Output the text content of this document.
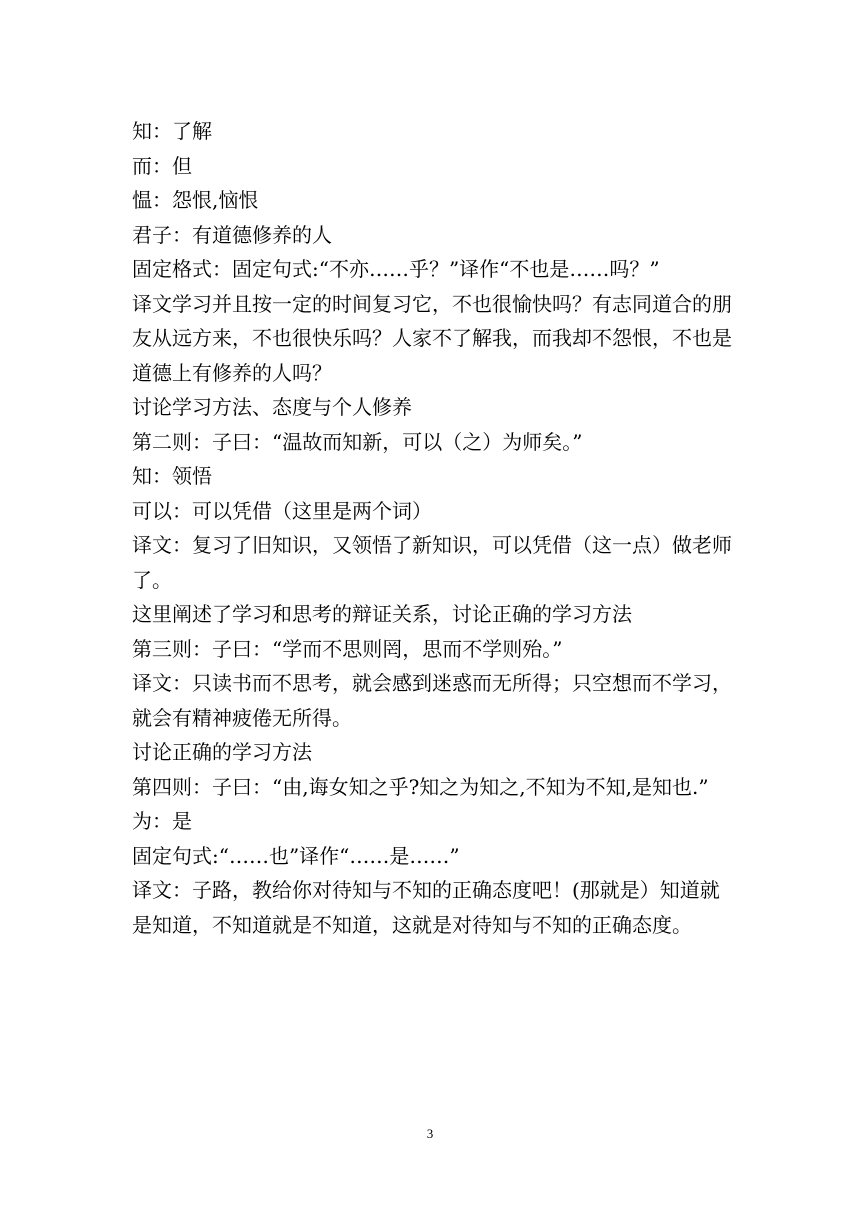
知：了解
而：但
愠：怨恨,恼恨
君子：有道德修养的人
固定格式：固定句式:“不亦……乎？”译作“不也是……吗？”
译文学习并且按一定的时间复习它，不也很愉快吗？有志同道合的朋
友从远方来，不也很快乐吗？人家不了解我，而我却不怨恨，不也是
道德上有修养的人吗？
讨论学习方法、态度与个人修养
第二则：子曰：“温故而知新，可以（之）为师矣。”
知：领悟
可以：可以凭借（这里是两个词）
译文：复习了旧知识，又领悟了新知识，可以凭借（这一点）做老师
了。
这里阐述了学习和思考的辩证关系，讨论正确的学习方法
第三则：子曰：“学而不思则罔，思而不学则殆。”
译文：只读书而不思考，就会感到迷惑而无所得；只空想而不学习，
就会有精神疲倦无所得。
讨论正确的学习方法
第四则：子曰：“由,诲女知之乎?知之为知之,不知为不知,是知也.”
为：是
固定句式:“……也”译作“……是……”
译文：子路，教给你对待知与不知的正确态度吧！(那就是）知道就
是知道，不知道就是不知道，这就是对待知与不知的正确态度。
3
